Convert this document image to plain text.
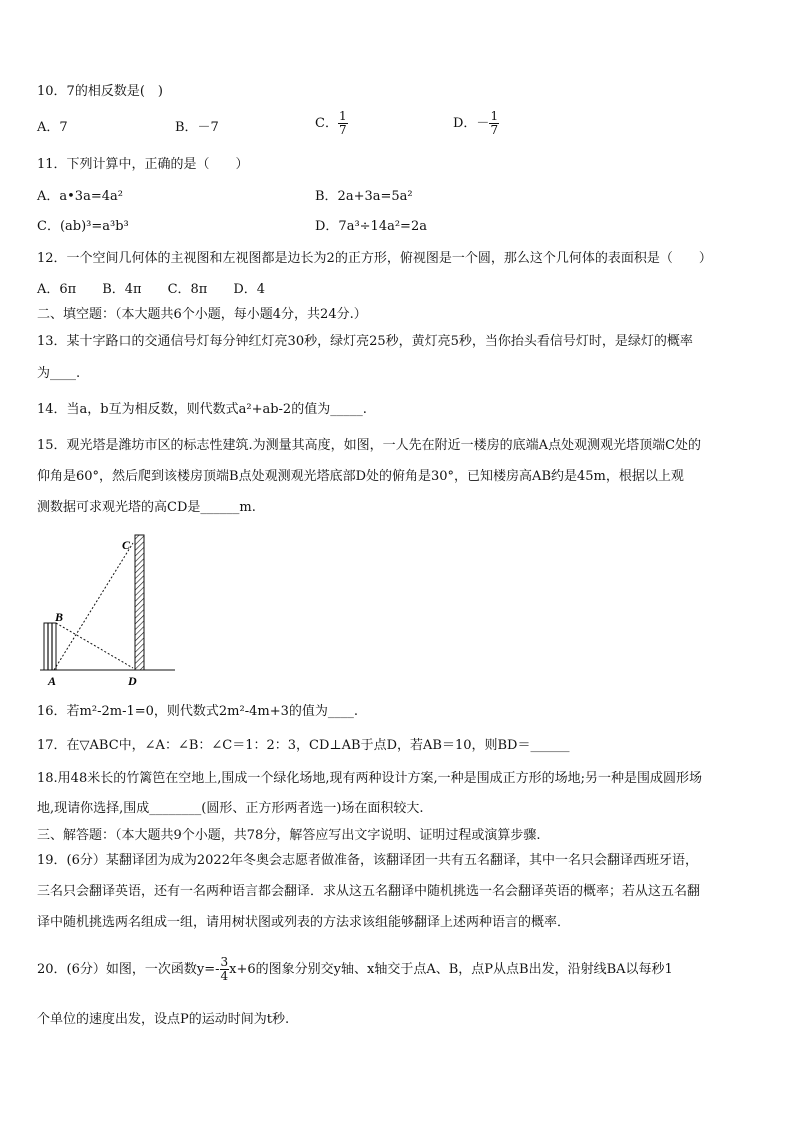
10．7的相反数是(　)
A．7	B．－7	C． $\frac{1}{7}$	D．－ $\frac{1}{7}$
11．下列计算中，正确的是（　　）
A．a•3a=4a²	B．2a+3a=5a²
C．(ab)³=a³b³	D．7a³÷14a²=2a
12．一个空间几何体的主视图和左视图都是边长为2的正方形，俯视图是一个圆，那么这个几何体的表面积是（　　）
A．6π　　B．4π　　C．8π　　D．4
二、填空题：（本大题共6个小题，每小题4分，共24分.）
13．某十字路口的交通信号灯每分钟红灯亮30秒，绿灯亮25秒，黄灯亮5秒，当你抬头看信号灯时，是绿灯的概率
为____.
14．当a，b互为相反数，则代数式a²+ab-2的值为_____.
15．观光塔是潍坊市区的标志性建筑.为测量其高度，如图，一人先在附近一楼房的底端A点处观测观光塔顶端C处的
仰角是60°，然后爬到该楼房顶端B点处观测观光塔底部D处的俯角是30°，已知楼房高AB约是45m，根据以上观
测数据可求观光塔的高CD是______m.
B
A
C
D
16．若m²-2m-1=0，则代数式2m²-4m+3的值为____.
17．在▽ABC中，∠A：∠B：∠C＝1：2：3，CD⊥AB于点D，若AB＝10，则BD＝______
18.用48米长的竹篱笆在空地上,围成一个绿化场地,现有两种设计方案,一种是围成正方形的场地;另一种是围成圆形场
地,现请你选择,围成________(圆形、正方形两者选一)场在面积较大.
三、解答题：（本大题共9个小题，共78分，解答应写出文字说明、证明过程或演算步骤.
19．(6分）某翻译团为成为2022年冬奥会志愿者做准备，该翻译团一共有五名翻译，其中一名只会翻译西班牙语，
三名只会翻译英语，还有一名两种语言都会翻译．求从这五名翻译中随机挑选一名会翻译英语的概率；若从这五名翻
译中随机挑选两名组成一组，请用树状图或列表的方法求该组能够翻译上述两种语言的概率．
20．(6分）如图，一次函数$y=- \frac{3}{4} x+6$的图象分别交y轴、x轴交于点A、B，点P从点B出发，沿射线BA以每秒1
个单位的速度出发，设点P的运动时间为t秒.
